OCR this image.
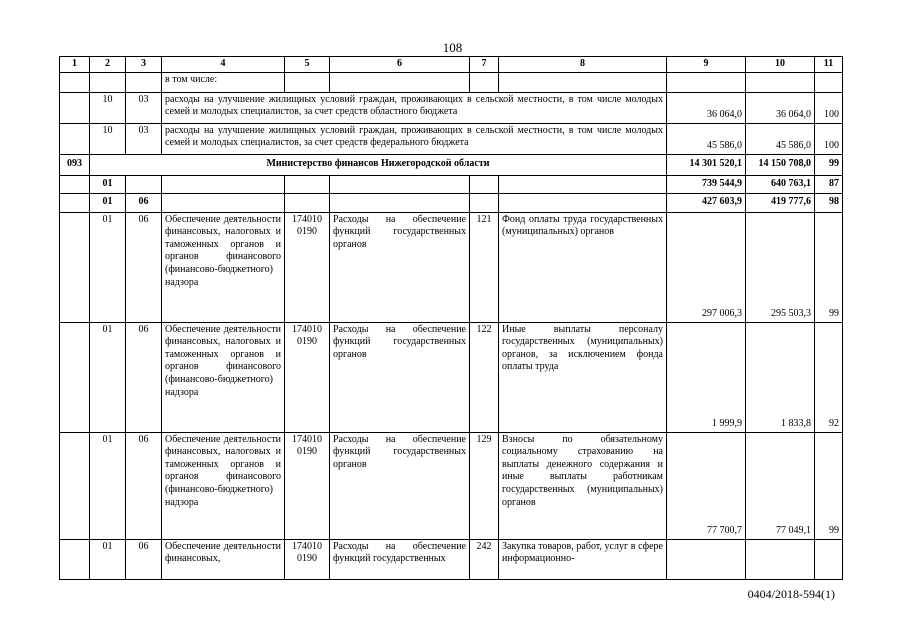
108
1	2	3	4	5	6	7	8	9	10	11
			в том числе:							
	10	03	расходы на улучшение жилищных условий граждан, проживающих в сельской местности, в том числе молодых семей и молодых специалистов, за счет средств областного бюджета					36 064,0	36 064,0	100
	10	03	расходы на улучшение жилищных условий граждан, проживающих в сельской местности, в том числе молодых семей и молодых специалистов, за счет средств федерального бюджета					45 586,0	45 586,0	100
093	Министерство финансов Нижегородской области							14 301 520,1	14 150 708,0	99
	01							739 544,9	640 763,1	87
	01	06						427 603,9	419 777,6	98
	01	06	Обеспечение деятельности финансовых, налоговых и таможенных органов и органов финансового (финансово-бюджетного) надзора	174010 0190	Расходы на обеспечение функций государственных органов	121	Фонд оплаты труда государственных (муниципальных) органов	297 006,3	295 503,3	99
	01	06	Обеспечение деятельности финансовых, налоговых и таможенных органов и органов финансового (финансово-бюджетного) надзора	174010 0190	Расходы на обеспечение функций государственных органов	122	Иные выплаты персоналу государственных (муниципальных) органов, за исключением фонда оплаты труда	1 999,9	1 833,8	92
	01	06	Обеспечение деятельности финансовых, налоговых и таможенных органов и органов финансового (финансово-бюджетного) надзора	174010 0190	Расходы на обеспечение функций государственных органов	129	Взносы по обязательному социальному страхованию на выплаты денежного содержания и иные выплаты работникам государственных (муниципальных) органов	77 700,7	77 049,1	99
	01	06	Обеспечение деятельности финансовых,	174010 0190	Расходы на обеспечение функций государственных	242	Закупка товаров, работ, услуг в сфере информационно-			
0404/2018-594(1)
